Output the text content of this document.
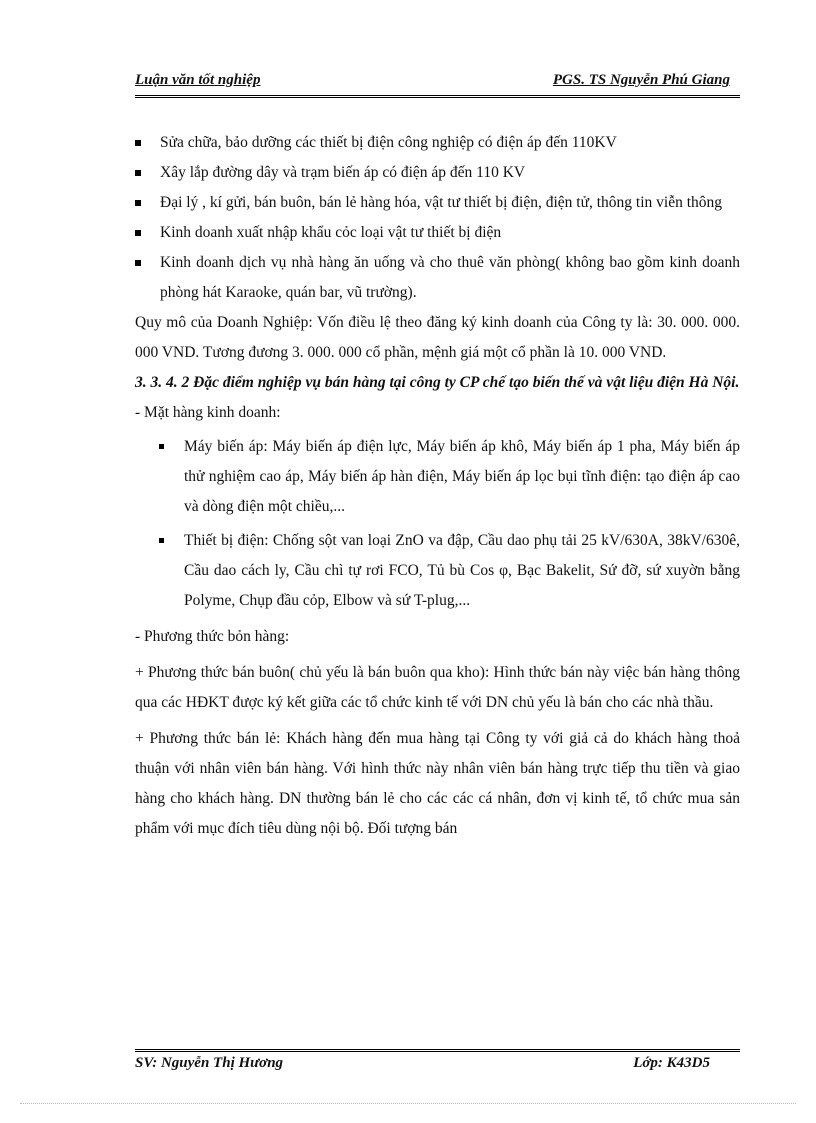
Luận văn tốt nghiệp	PGS. TS Nguyễn Phú Giang
Sửa chữa, bảo dưỡng các thiết bị điện công nghiệp có điện áp đến 110KV
Xây lắp đường dây và trạm biến áp có điện áp đến 110 KV
Đại lý , kí gửi, bán buôn, bán lẻ hàng hóa, vật tư thiết bị điện, điện tử, thông tin viễn thông
Kinh doanh xuất nhập khẩu cỏc loại vật tư thiết bị điện
Kinh doanh dịch vụ nhà hàng ăn uống và cho thuê văn phòng( không bao gồm kinh doanh phòng hát Karaoke, quán bar, vũ trường).

Quy mô của Doanh Nghiệp: Vốn điều lệ theo đăng ký kinh doanh của Công ty là: 30. 000. 000. 000 VND. Tương đương 3. 000. 000 cổ phần, mệnh giá một cổ phần là 10. 000 VND.

3. 3. 4. 2 Đặc điểm nghiệp vụ bán hàng tại công ty CP chế tạo biến thế và vật liệu điện Hà Nội.

- Mặt hàng kinh doanh:

Máy biến áp: Máy biến áp điện lực, Máy biến áp khô, Máy biến áp 1 pha, Máy biến áp thử nghiệm cao áp, Máy biến áp hàn điện, Máy biến áp lọc bụi tĩnh điện: tạo điện áp cao và dòng điện một chiều,...
Thiết bị điện: Chống sột van loại ZnO va đập, Cầu dao phụ tải 25 kV/630A, 38kV/630ê, Cầu dao cách ly, Cầu chì tự rơi FCO, Tủ bù Cos φ, Bạc Bakelit, Sứ đỡ, sứ xuyờn bằng Polyme, Chụp đầu cỏp, Elbow và sứ T-plug,...

- Phương thức bỏn hàng:

+ Phương thức bán buôn( chủ yếu là bán buôn qua kho): Hình thức bán này việc bán hàng thông qua các HĐKT được ký kết giữa các tổ chức kinh tế với DN chủ yếu là bán cho các nhà thầu.

+ Phương thức bán lẻ: Khách hàng đến mua hàng tại Công ty với giả cả do khách hàng thoả thuận với nhân viên bán hàng. Với hình thức này nhân viên bán hàng trực tiếp thu tiền và giao hàng cho khách hàng. DN thường bán lẻ cho các các cá nhân, đơn vị kinh tế, tổ chức mua sản phẩm với mục đích tiêu dùng nội bộ. Đối tượng bán

SV: Nguyễn Thị Hương	Lớp: K43D5
